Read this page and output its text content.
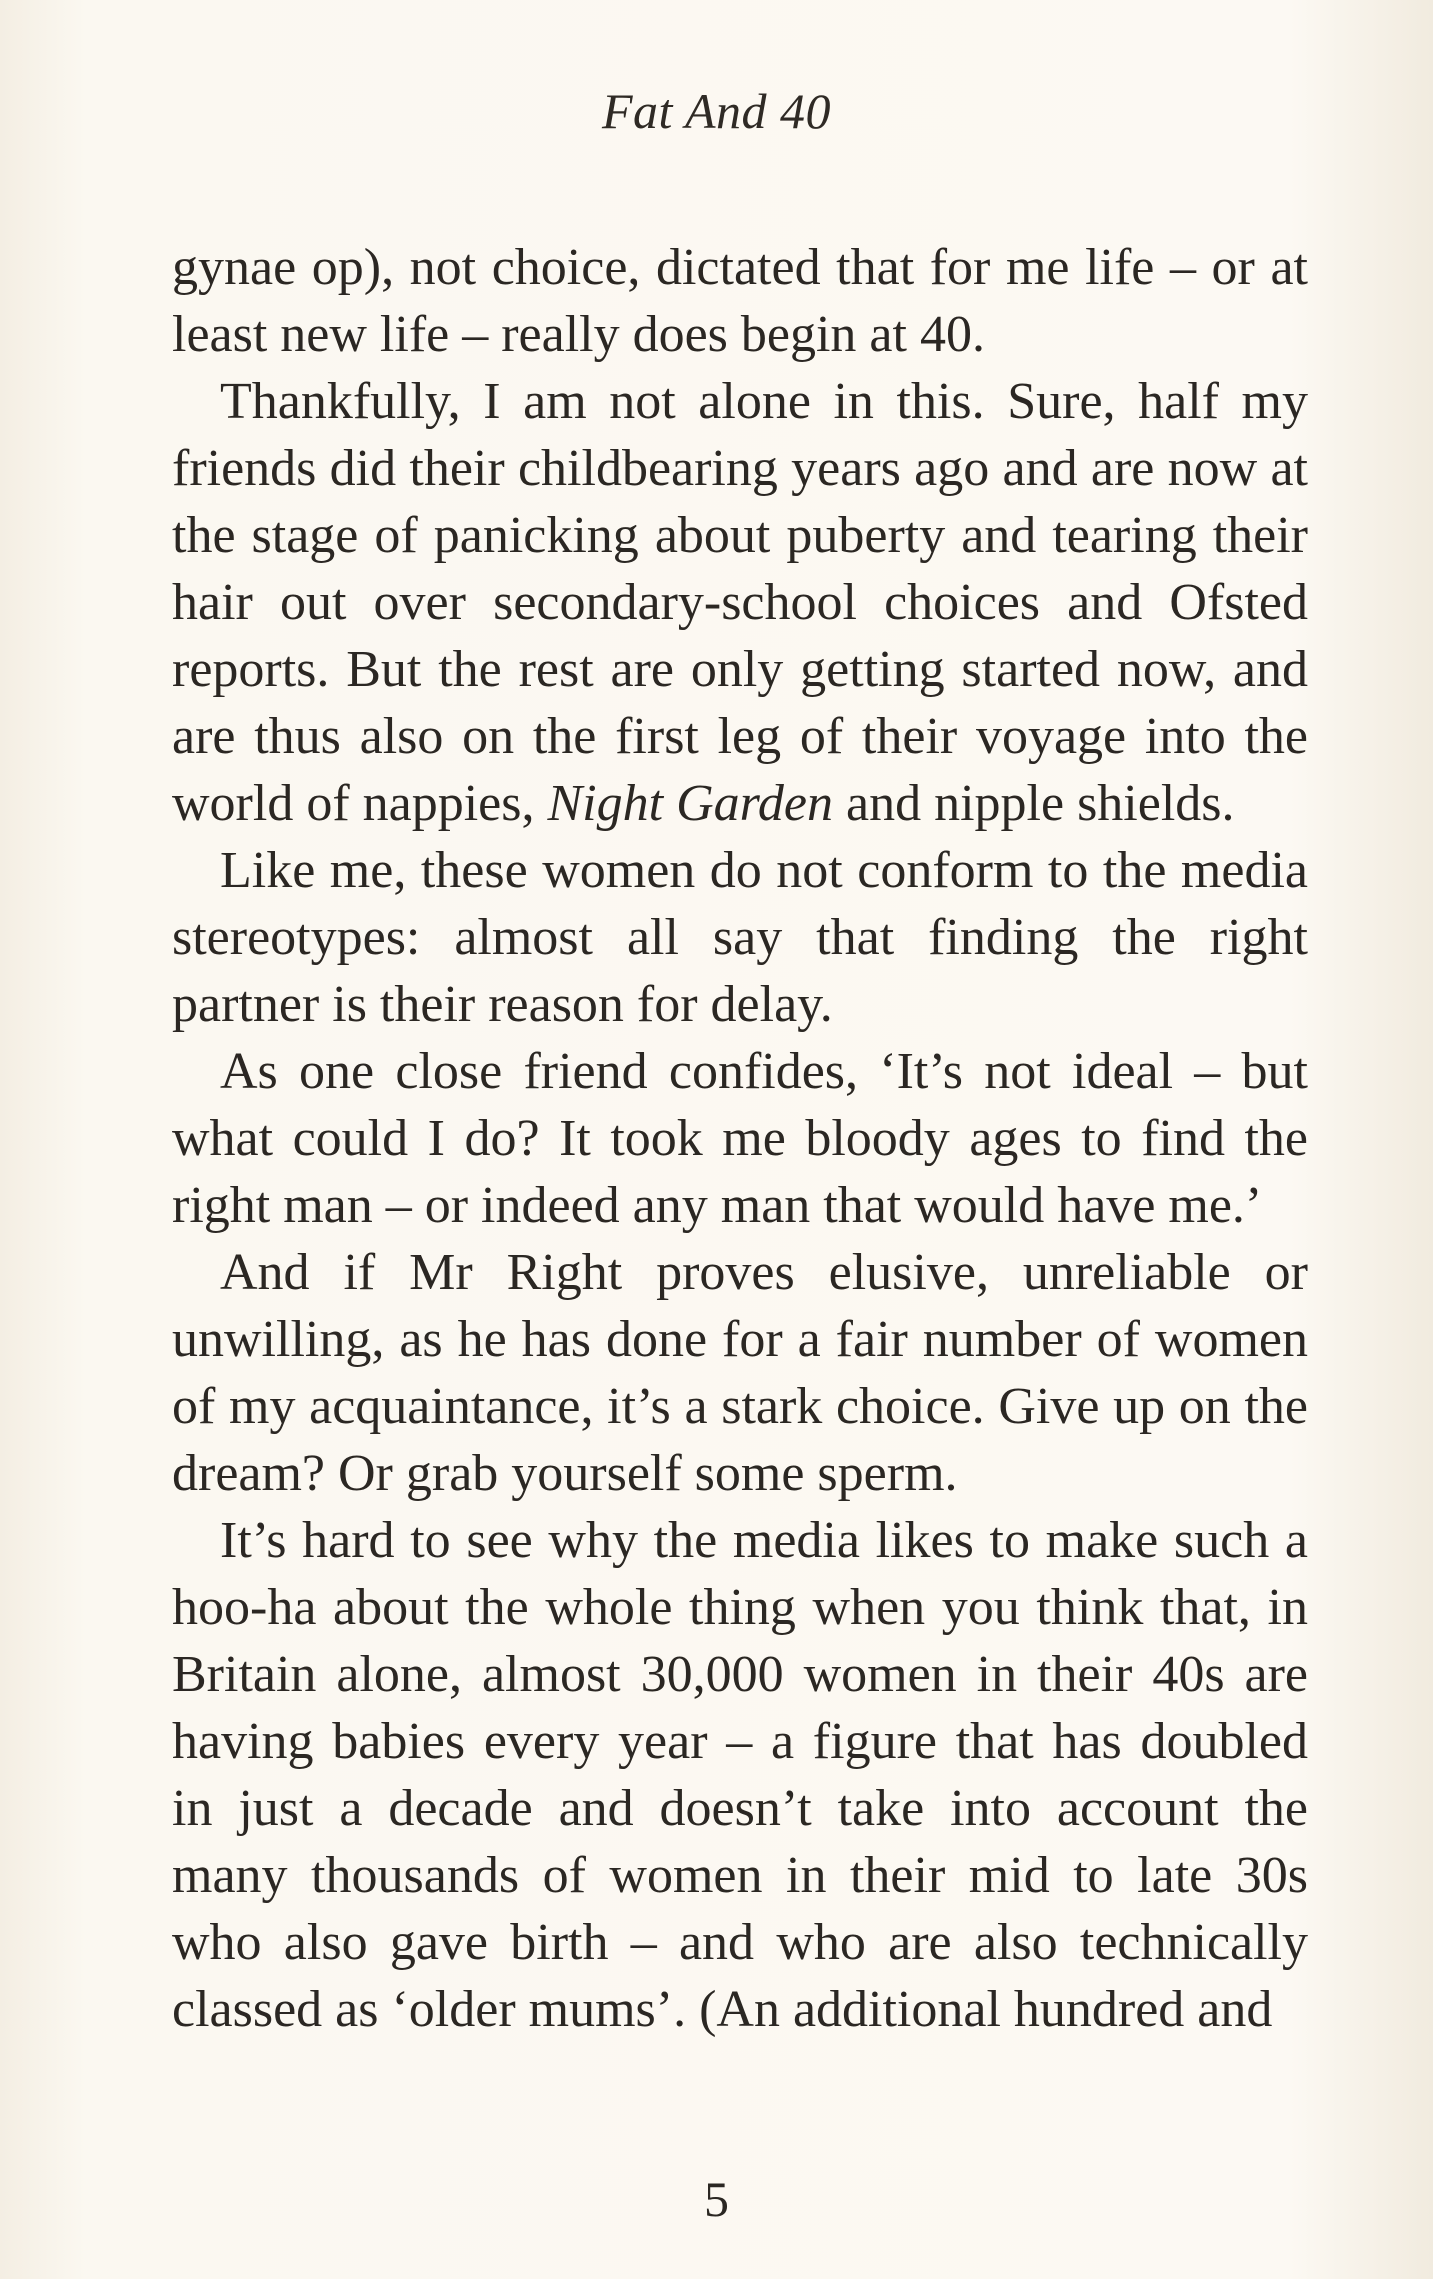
Fat And 40

gynae op), not choice, dictated that for me life – or at least new life – really does begin at 40.

Thankfully, I am not alone in this. Sure, half my friends did their childbearing years ago and are now at the stage of panicking about puberty and tearing their hair out over secondary-school choices and Ofsted reports. But the rest are only getting started now, and are thus also on the first leg of their voyage into the world of nappies, Night Garden and nipple shields.

Like me, these women do not conform to the media stereotypes: almost all say that finding the right partner is their reason for delay.

As one close friend confides, ‘It’s not ideal – but what could I do? It took me bloody ages to find the right man – or indeed any man that would have me.’

And if Mr Right proves elusive, unreliable or unwilling, as he has done for a fair number of women of my acquaintance, it’s a stark choice. Give up on the dream? Or grab yourself some sperm.

It’s hard to see why the media likes to make such a hoo-ha about the whole thing when you think that, in Britain alone, almost 30,000 women in their 40s are having babies every year – a figure that has doubled in just a decade and doesn’t take into account the many thousands of women in their mid to late 30s who also gave birth – and who are also technically classed as ‘older mums’. (An additional hundred and

5
